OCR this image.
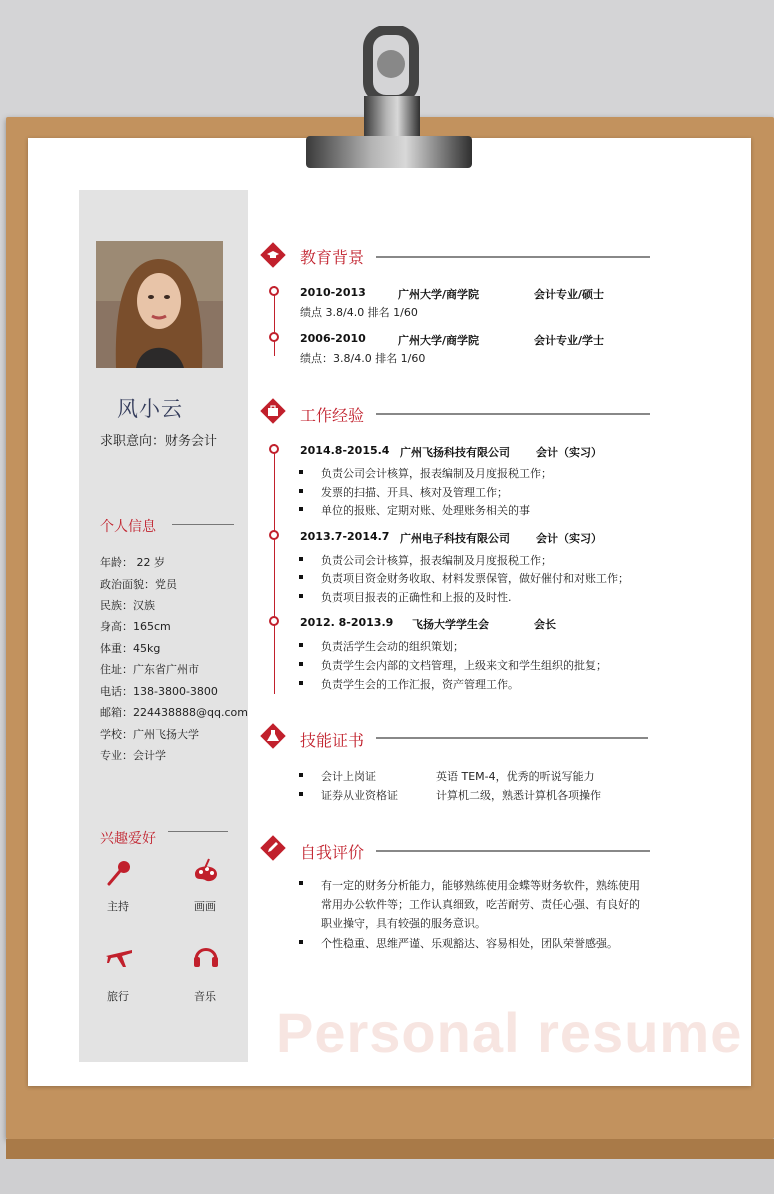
风小云
求职意向：财务会计
个人信息
年龄： 22 岁
政治面貌：党员
民族：汉族
身高：165cm
体重：45kg
住址：广东省广州市
电话：138-3800-3800
邮箱：224438888@qq.com
学校：广州飞扬大学
专业：会计学
兴趣爱好
主持	画画
旅行	音乐
教育背景
2010-2013	广州大学/商学院	会计专业/硕士
绩点 3.8/4.0 排名 1/60
2006-2010	广州大学/商学院	会计专业/学士
绩点：3.8/4.0 排名 1/60
工作经验
2014.8-2015.4 广州飞扬科技有限公司 会计（实习）
负责公司会计核算，报表编制及月度报税工作；
发票的扫描、开具、核对及管理工作；
单位的报账、定期对账、处理账务相关的事
2013.7-2014.7 广州电子科技有限公司 会计（实习）
负责公司会计核算，报表编制及月度报税工作；
负责项目资金财务收取、材料发票保管，做好催付和对账工作；
负责项目报表的正确性和上报的及时性.
2012. 8-2013.9 飞扬大学学生会	会长
负责活学生会动的组织策划；
负责学生会内部的文档管理，上级来文和学生组织的批复；
负责学生会的工作汇报，资产管理工作。
技能证书
会计上岗证	英语 TEM-4，优秀的听说写能力
证券从业资格证	计算机二级，熟悉计算机各项操作
自我评价
有一定的财务分析能力，能够熟练使用金蝶等财务软件，熟练使用常用办公软件等；工作认真细致，吃苦耐劳、责任心强、有良好的职业操守，具有较强的服务意识。
个性稳重、思维严谨、乐观豁达、容易相处，团队荣誉感强。
Personal resume
